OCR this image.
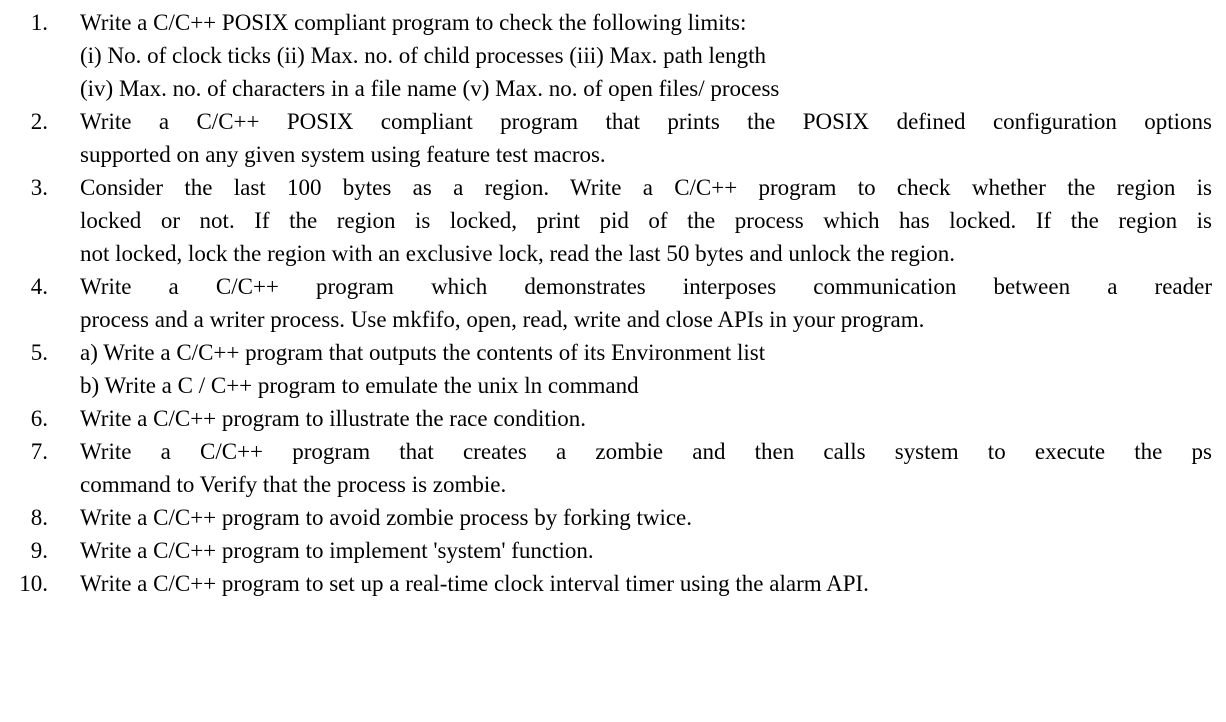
1. Write a C/C++ POSIX compliant program to check the following limits:
(i) No. of clock ticks (ii) Max. no. of child processes (iii) Max. path length
(iv) Max. no. of characters in a file name (v) Max. no. of open files/ process
2. Write a C/C++ POSIX compliant program that prints the POSIX defined configuration options
supported on any given system using feature test macros.
3. Consider the last 100 bytes as a region. Write a C/C++ program to check whether the region is
locked or not. If the region is locked, print pid of the process which has locked. If the region is
not locked, lock the region with an exclusive lock, read the last 50 bytes and unlock the region.
4. Write a C/C++ program which demonstrates interposes communication between a reader
process and a writer process. Use mkfifo, open, read, write and close APIs in your program.
5. a) Write a C/C++ program that outputs the contents of its Environment list
b) Write a C / C++ program to emulate the unix ln command
6. Write a C/C++ program to illustrate the race condition.
7. Write a C/C++ program that creates a zombie and then calls system to execute the ps
command to Verify that the process is zombie.
8. Write a C/C++ program to avoid zombie process by forking twice.
9. Write a C/C++ program to implement 'system' function.
10. Write a C/C++ program to set up a real-time clock interval timer using the alarm API.
